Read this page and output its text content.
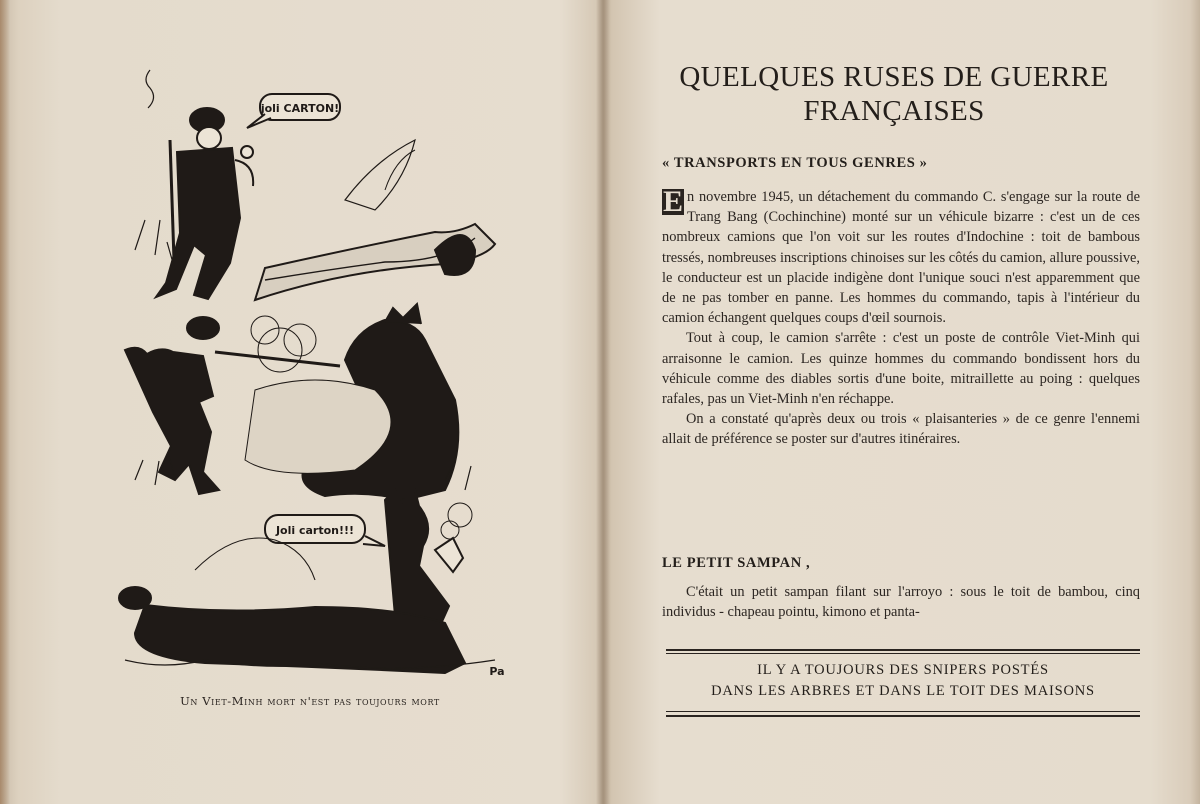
joli CARTON!
Joli carton!!!
Pa
Un Viet-Minh mort n'est pas toujours mort
QUELQUES RUSES DE GUERRE
FRANÇAISES
« TRANSPORTS EN TOUS GENRES »

E n novembre 1945, un détachement du commando C. s'engage sur la route de Trang Bang (Cochinchine) monté sur un véhicule bizarre : c'est un de ces nombreux camions que l'on voit sur les routes d'Indochine : toit de bambous tressés, nombreuses inscriptions chinoises sur les côtés du camion, allure poussive, le conducteur est un placide indigène dont l'unique souci n'est apparemment que de ne pas tomber en panne. Les hommes du commando, tapis à l'intérieur du camion échangent quelques coups d'œil sournois.

Tout à coup, le camion s'arrête : c'est un poste de contrôle Viet-Minh qui arraisonne le camion. Les quinze hommes du commando bondissent hors du véhicule comme des diables sortis d'une boite, mitraillette au poing : quelques rafales, pas un Viet-Minh n'en réchappe.

On a constaté qu'après deux ou trois « plaisanteries » de ce genre l'ennemi allait de préférence se poster sur d'autres itinéraires.

LE PETIT SAMPAN ,

C'était un petit sampan filant sur l'arroyo : sous le toit de bambou, cinq individus - chapeau pointu, kimono et panta-

IL Y A TOUJOURS DES SNIPERS POSTÉS
DANS LES ARBRES ET DANS LE TOIT DES MAISONS
